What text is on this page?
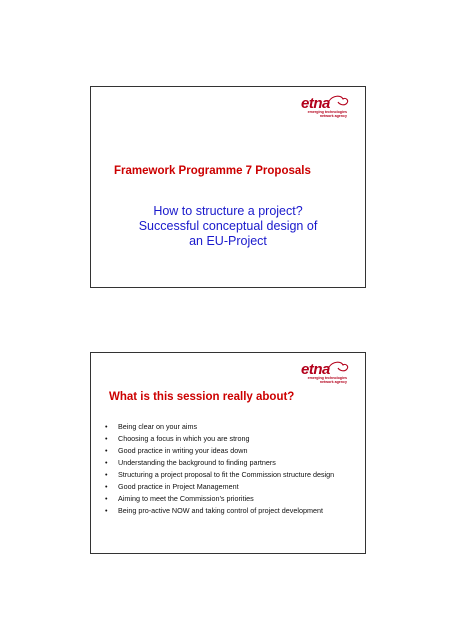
etna
emerging technologies
network agency
Framework Programme 7 Proposals
How to structure a project?
Successful conceptual design of
an EU-Project
etna
emerging technologies
network agency
What is this session really about?
• Being clear on your aims
• Choosing a focus in which you are strong
• Good practice in writing your ideas down
• Understanding the background to finding partners
• Structuring a project proposal to fit the Commission structure design
• Good practice in Project Management
• Aiming to meet the Commission’s priorities
• Being pro-active NOW and taking control of project development
